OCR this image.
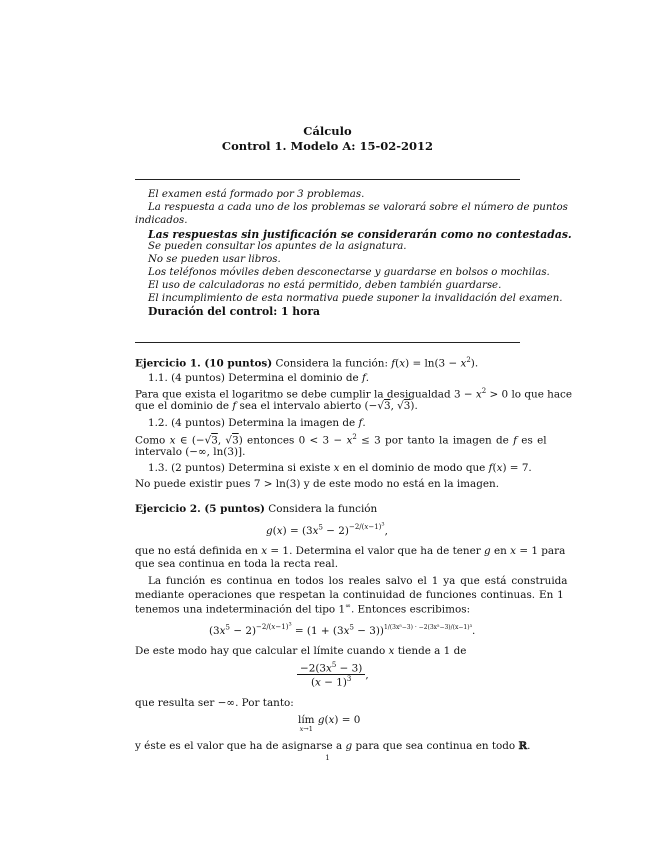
Cálculo
Control 1. Modelo A: 15-02-2012
El examen está formado por 3 problemas.
La respuesta a cada uno de los problemas se valorará sobre el número de puntos
indicados.
Las respuestas sin justificación se considerarán como no contestadas.
Se pueden consultar los apuntes de la asignatura.
No se pueden usar libros.
Los teléfonos móviles deben desconectarse y guardarse en bolsos o mochilas.
El uso de calculadoras no está permitido, deben también guardarse.
El incumplimiento de esta normativa puede suponer la invalidación del examen.
Duración del control: 1 hora
Ejercicio 1. (10 puntos) Considera la función: $f(x) = \ln(3 - x^2)$.
1.1. (4 puntos) Determina el dominio de f.
Para que exista el logaritmo se debe cumplir la desigualdad $3 - x^2 > 0$ lo que hace
que el dominio de f sea el intervalo abierto (−√3, √3).
1.2. (4 puntos) Determina la imagen de f.
Como x ∈ (−√3, √3) entonces $0 < 3 - x^2 \le 3$ por tanto la imagen de f es el
intervalo (−∞, ln(3)].
1.3. (2 puntos) Determina si existe x en el dominio de modo que f(x) = 7.
No puede existir pues 7 > ln(3) y de este modo no está en la imagen.
Ejercicio 2. (5 puntos) Considera la función
$g(x) = (3x^5 - 2)^{-2/(x-1)^3}$,
que no está definida en x = 1. Determina el valor que ha de tener g en x = 1 para
que sea continua en toda la recta real.
La función es continua en todos los reales salvo el 1 ya que está construida
mediante operaciones que respetan la continuidad de funciones continuas. En 1
tenemos una indeterminación del tipo 1∞. Entonces escribimos:
$(3x^5 - 2)^{-2/(x-1)^3} = (1 + (3x^5 - 3))^{1/(3x^5-3) \cdot -2(3x^5-3)/(x-1)^3}$.
De este modo hay que calcular el límite cuando x tiende a 1 de
$\frac{-2(3x^5 - 3)}{(x - 1)^3}$ ,
que resulta ser −∞. Por tanto:
lím
$^{x\to 1}$ g(x) = 0
y éste es el valor que ha de asignarse a g para que sea continua en todo ℝ.
1
